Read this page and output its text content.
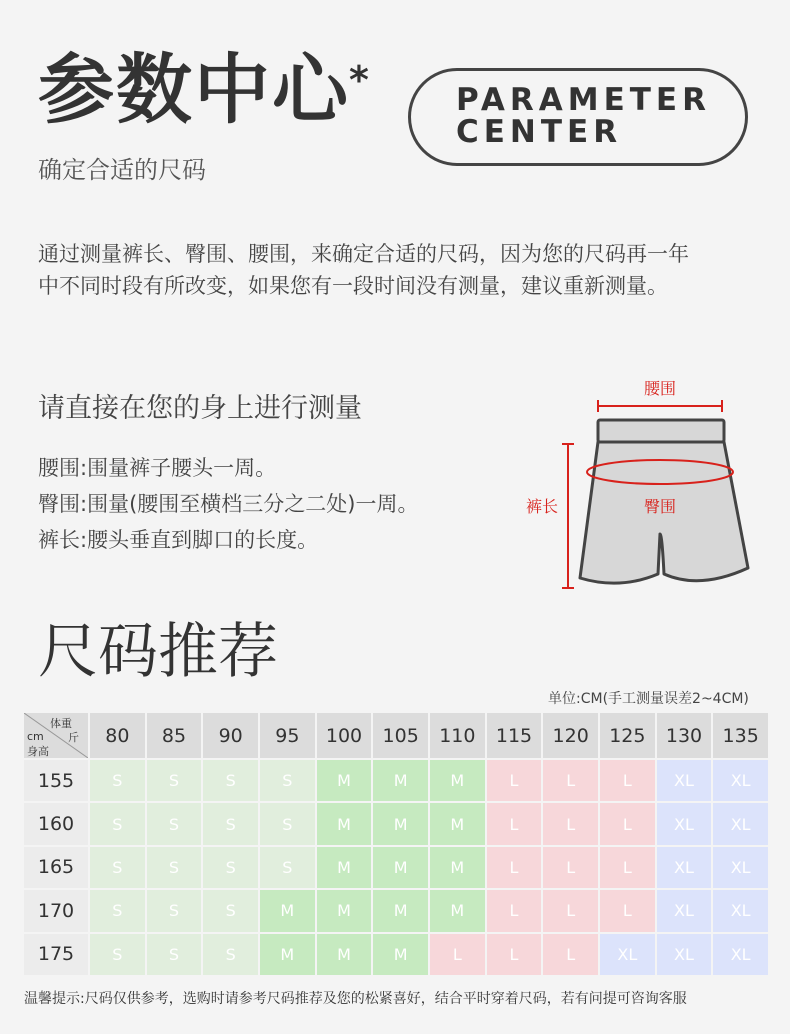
参数中心 *
确定合适的尺码
PARAMETER
CENTER
通过测量裤长、臀围、腰围，来确定合适的尺码，因为您的尺码再一年
中不同时段有所改变，如果您有一段时间没有测量，建议重新测量。
请直接在您的身上进行测量
腰围:围量裤子腰头一周。
臀围:围量(腰围至横档三分之二处)一周。
裤长:腰头垂直到脚口的长度。
腰围
臀围
裤长
尺码推荐
单位:CM(手工测量误差2~4CM)
体重
斤
cm
身高
80	85	90	95	100	105	110	115	120	125	130	135
155	S	S	S	S	M	M	M	L	L	L	XL	XL
160	S	S	S	S	M	M	M	L	L	L	XL	XL
165	S	S	S	S	M	M	M	L	L	L	XL	XL
170	S	S	S	M	M	M	M	L	L	L	XL	XL
175	S	S	S	M	M	M	L	L	L	XL	XL	XL
温馨提示:尺码仅供参考，选购时请参考尺码推荐及您的松紧喜好，结合平时穿着尺码，若有问提可咨询客服
